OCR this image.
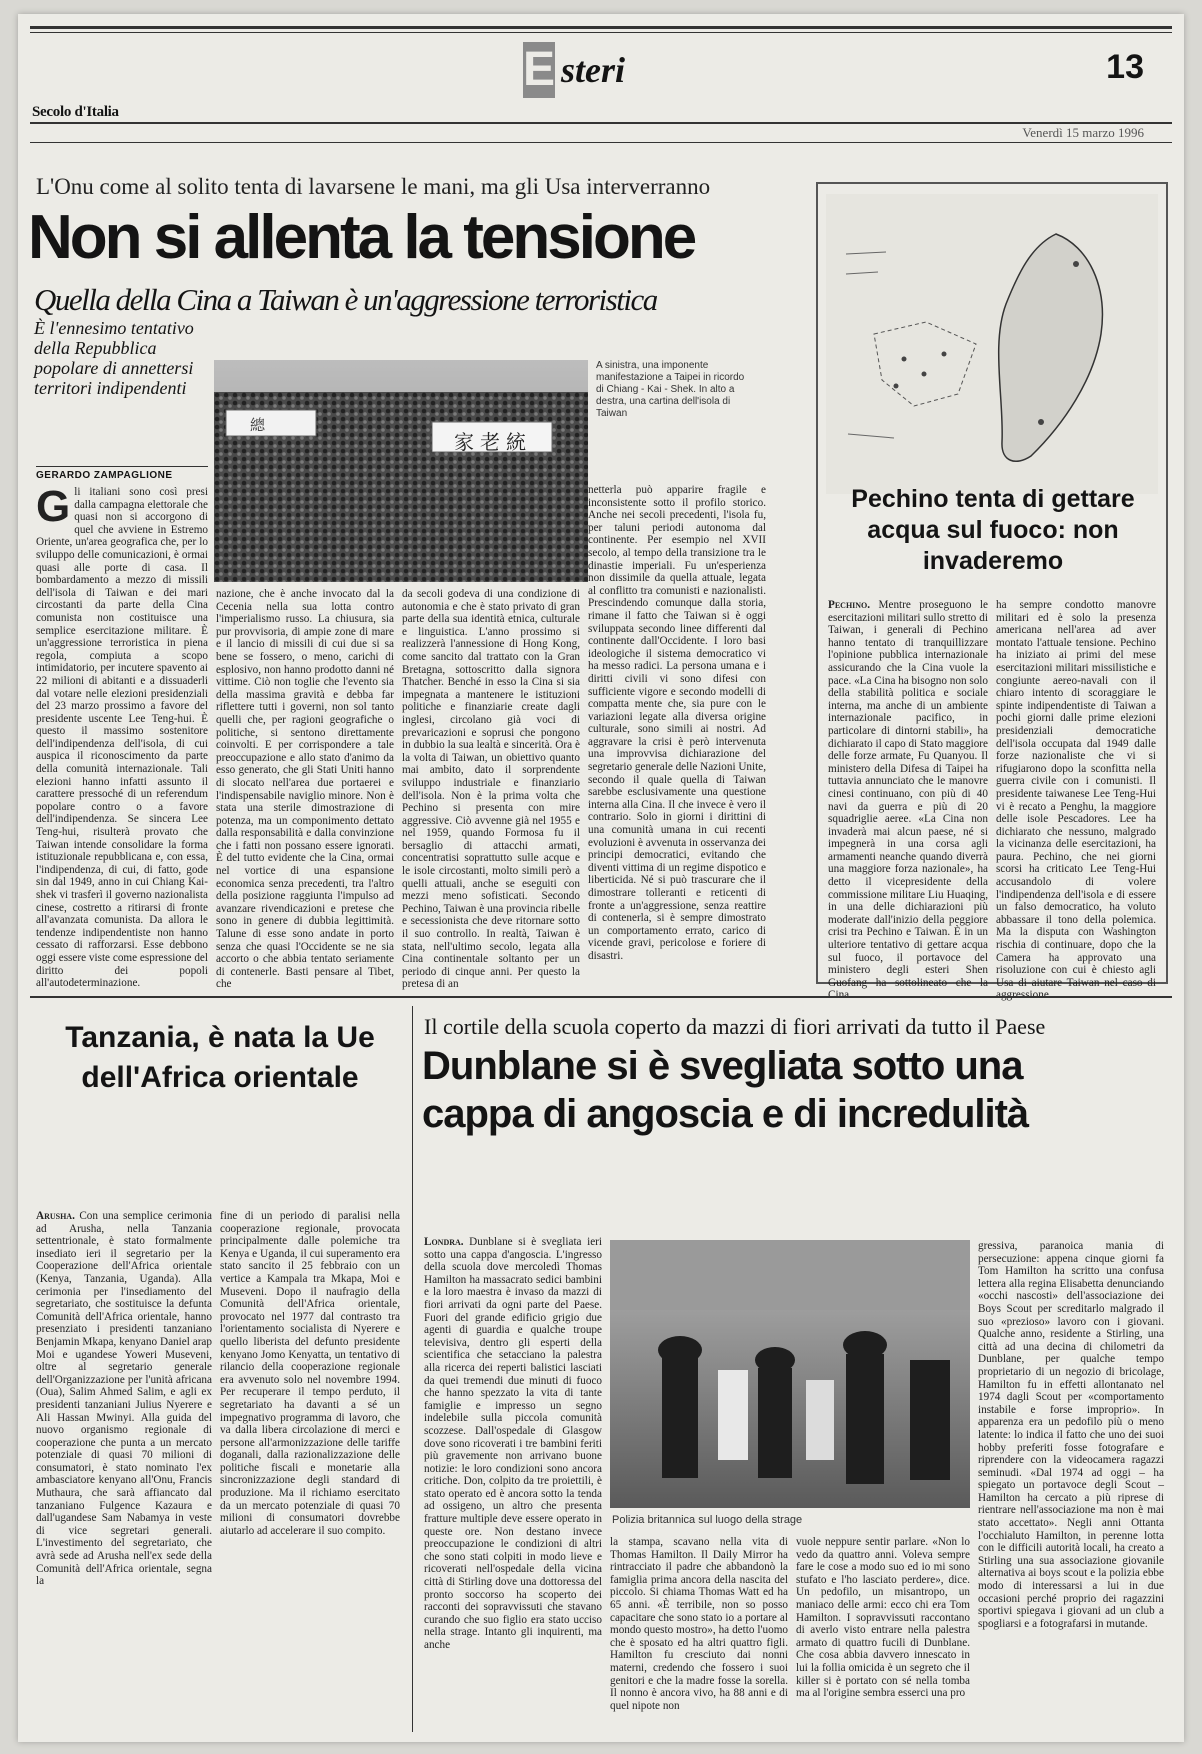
E steri	13
Secolo d'Italia
Venerdì 15 marzo 1996
L'Onu come al solito tenta di lavarsene le mani, ma gli Usa interverranno
Non si allenta la tensione
Quella della Cina a Taiwan è un'aggressione terroristica
È l'ennesimo tentativo della Repubblica popolare di annettersi territori indipendenti
總
家老統
A sinistra, una imponente manifestazione a Taipei in ricordo di Chiang - Kai - Shek. In alto a destra, una cartina dell'isola di Taiwan
GERARDO ZAMPAGLIONE
G li italiani sono così presi dalla campagna elettorale che quasi non si accorgono di quel che avviene in Estremo Oriente, un'area geografica che, per lo sviluppo delle comunicazioni, è ormai quasi alle porte di casa. Il bombardamento a mezzo di missili dell'isola di Taiwan e dei mari circostanti da parte della Cina comunista non costituisce una semplice esercitazione militare. È un'aggressione terroristica in piena regola, compiuta a scopo intimidatorio, per incutere spavento ai 22 milioni di abitanti e a dissuaderli dal votare nelle elezioni presidenziali del 23 marzo prossimo a favore del presidente uscente Lee Teng-hui. È questo il massimo sostenitore dell'indipendenza dell'isola, di cui auspica il riconoscimento da parte della comunità internazionale. Tali elezioni hanno infatti assunto il carattere pressoché di un referendum popolare contro o a favore dell'indipendenza. Se sincera Lee Teng-hui, risulterà provato che Taiwan intende consolidare la forma istituzionale repubblicana e, con essa, l'indipendenza, di cui, di fatto, gode sin dal 1949, anno in cui Chiang Kai-shek vi trasferì il governo nazionalista cinese, costretto a ritirarsi di fronte all'avanzata comunista. Da allora le tendenze indipendentiste non hanno cessato di rafforzarsi. Esse debbono oggi essere viste come espressione del diritto dei popoli all'autodeterminazione.
nazione, che è anche invocato dal la Cecenia nella sua lotta contro l'imperialismo russo. La chiusura, sia pur provvisoria, di ampie zone di mare e il lancio di missili di cui due si sa bene se fossero, o meno, carichi di esplosivo, non hanno prodotto danni né vittime. Ciò non toglie che l'evento sia della massima gravità e debba far riflettere tutti i governi, non sol tanto quelli che, per ragioni geografiche o politiche, si sentono direttamente coinvolti. E per corrispondere a tale preoccupazione e allo stato d'animo da esso generato, che gli Stati Uniti hanno di slocato nell'area due portaerei e l'indispensabile naviglio minore. Non è stata una sterile dimostrazione di potenza, ma un componimento dettato dalla responsabilità e dalla convinzione che i fatti non possano essere ignorati. È del tutto evidente che la Cina, ormai nel vortice di una espansione economica senza precedenti, tra l'altro della posizione raggiunta l'impulso ad avanzare rivendicazioni e pretese che sono in genere di dubbia legittimità. Talune di esse sono andate in porto senza che quasi l'Occidente se ne sia accorto o che abbia tentato seriamente di contenerle. Basti pensare al Tibet, che
da secoli godeva di una condizione di autonomia e che è stato privato di gran parte della sua identità etnica, culturale e linguistica. L'anno prossimo si realizzerà l'annessione di Hong Kong, come sancito dal trattato con la Gran Bretagna, sottoscritto dalla signora Thatcher. Benché in esso la Cina si sia impegnata a mantenere le istituzioni politiche e finanziarie create dagli inglesi, circolano già voci di prevaricazioni e soprusi che pongono in dubbio la sua lealtà e sincerità. Ora è la volta di Taiwan, un obiettivo quanto mai ambito, dato il sorprendente sviluppo industriale e finanziario dell'isola. Non è la prima volta che Pechino si presenta con mire aggressive. Ciò avvenne già nel 1955 e nel 1959, quando Formosa fu il bersaglio di attacchi armati, concentratisi soprattutto sulle acque e le isole circostanti, molto simili però a quelli attuali, anche se eseguiti con mezzi meno sofisticati. Secondo Pechino, Taiwan è una provincia ribelle e secessionista che deve ritornare sotto il suo controllo. In realtà, Taiwan è stata, nell'ultimo secolo, legata alla Cina continentale soltanto per un periodo di cinque anni. Per questo la pretesa di an
netterla può apparire fragile e inconsistente sotto il profilo storico. Anche nei secoli precedenti, l'isola fu, per taluni periodi autonoma dal continente. Per esempio nel XVII secolo, al tempo della transizione tra le dinastie imperiali. Fu un'esperienza non dissimile da quella attuale, legata al conflitto tra comunisti e nazionalisti. Prescindendo comunque dalla storia, rimane il fatto che Taiwan si è oggi sviluppata secondo linee differenti dal continente dall'Occidente. I loro basi ideologiche il sistema democratico vi ha messo radici. La persona umana e i diritti civili vi sono difesi con sufficiente vigore e secondo modelli di compatta mente che, sia pure con le variazioni legate alla diversa origine culturale, sono simili ai nostri. Ad aggravare la crisi è però intervenuta una improvvisa dichiarazione del segretario generale delle Nazioni Unite, secondo il quale quella di Taiwan sarebbe esclusivamente una questione interna alla Cina. Il che invece è vero il contrario. Solo in giorni i dirittini di una comunità umana in cui recenti evoluzioni è avvenuta in osservanza dei principi democratici, evitando che diventi vittima di un regime dispotico e liberticida. Né si può trascurare che il dimostrare tolleranti e reticenti di fronte a un'aggressione, senza reattire di contenerla, si è sempre dimostrato un comportamento errato, carico di vicende gravi, pericolose e foriere di disastri.
Pechino tenta di gettare acqua sul fuoco: non invaderemo
Pechino. Mentre proseguono le esercitazioni militari sullo stretto di Taiwan, i generali di Pechino hanno tentato di tranquillizzare l'opinione pubblica internazionale assicurando che la Cina vuole la pace. «La Cina ha bisogno non solo della stabilità politica e sociale interna, ma anche di un ambiente internazionale pacifico, in particolare di dintorni stabili», ha dichiarato il capo di Stato maggiore delle forze armate, Fu Quanyou. Il ministero della Difesa di Taipei ha tuttavia annunciato che le manovre cinesi continuano, con più di 40 navi da guerra e più di 20 squadriglie aeree. «La Cina non invaderà mai alcun paese, né si impegnerà in una corsa agli armamenti neanche quando diverrà una maggiore forza nazionale», ha detto il vicepresidente della commissione militare Liu Huaqing, in una delle dichiarazioni più moderate dall'inizio della peggiore crisi tra Pechino e Taiwan. È in un ulteriore tentativo di gettare acqua sul fuoco, il portavoce del ministero degli esteri Shen Guofang ha sottolineato che la
ha sempre condotto manovre militari ed è solo la presenza americana nell'area ad aver montato l'attuale tensione. Pechino ha iniziato ai primi del mese esercitazioni militari missilistiche e congiunte aereo-navali con il chiaro intento di scoraggiare le spinte indipendentiste di Taiwan a pochi giorni dalle prime elezioni presidenziali democratiche dell'isola occupata dal 1949 dalle forze nazionaliste che vi si rifugiarono dopo la sconfitta nella guerra civile con i comunisti. Il presidente taiwanese Lee Teng-Hui vi è recato a Penghu, la maggiore delle isole Pescadores. Lee ha dichiarato che nessuno, malgrado la vicinanza delle esercitazioni, ha paura. Pechino, che nei giorni scorsi ha criticato Lee Teng-Hui accusandolo di volere l'indipendenza dell'isola e di essere un falso democratico, ha voluto abbassare il tono della polemica. Ma la disputa con Washington rischia di continuare, dopo che la Camera ha approvato una risoluzione con cui è chiesto agli Usa di aiutare Taiwan nel caso di
Tanzania, è nata la Ue dell'Africa orientale
Arusha. Con una semplice cerimonia ad Arusha, nella Tanzania settentrionale, è stato formalmente insediato ieri il segretario per la Cooperazione dell'Africa orientale (Kenya, Tanzania, Uganda). Alla cerimonia per l'insediamento del segretariato, che sostituisce la defunta Comunità dell'Africa orientale, hanno presenziato i presidenti tanzaniano Benjamin Mkapa, kenyano Daniel arap Moi e ugandese Yoweri Museveni, oltre al segretario generale dell'Organizzazione per l'unità africana (Oua), Salim Ahmed Salim, e agli ex presidenti tanzaniani Julius Nyerere e Ali Hassan Mwinyi. Alla guida del nuovo organismo regionale di cooperazione che punta a un mercato potenziale di quasi 70 milioni di consumatori, è stato nominato l'ex ambasciatore kenyano all'Onu, Francis Muthaura, che sarà affiancato dal tanzaniano Fulgence Kazaura e dall'ugandese Sam Nabamya in veste di vice segretari generali. L'investimento del segretariato, che avrà sede ad Arusha nell'ex sede della Comunità dell'Africa orientale, segna la
fine di un periodo di paralisi nella cooperazione regionale, provocata principalmente dalle polemiche tra Kenya e Uganda, il cui superamento era stato sancito il 25 febbraio con un vertice a Kampala tra Mkapa, Moi e Museveni. Dopo il naufragio della Comunità dell'Africa orientale, provocato nel 1977 dal contrasto tra l'orientamento socialista di Nyerere e quello liberista del defunto presidente kenyano Jomo Kenyatta, un tentativo di rilancio della cooperazione regionale era avvenuto solo nel novembre 1994. Per recuperare il tempo perduto, il segretariato ha davanti a sé un impegnativo programma di lavoro, che va dalla libera circolazione di merci e persone all'armonizzazione delle tariffe doganali, dalla razionalizzazione delle politiche fiscali e monetarie alla sincronizzazione degli standard di produzione. Ma il richiamo esercitato da un mercato potenziale di quasi 70 milioni di consumatori dovrebbe aiutarlo ad accelerare il suo compito.
Il cortile della scuola coperto da mazzi di fiori arrivati da tutto il Paese
Dunblane si è svegliata sotto una cappa di angoscia e di incredulità
Londra. Dunblane si è svegliata ieri sotto una cappa d'angoscia. L'ingresso della scuola dove mercoledì Thomas Hamilton ha massacrato sedici bambini e la loro maestra è invaso da mazzi di fiori arrivati da ogni parte del Paese. Fuori del grande edificio grigio due agenti di guardia e qualche troupe televisiva, dentro gli esperti della scientifica che setacciano la palestra alla ricerca dei reperti balistici lasciati da quei tremendi due minuti di fuoco che hanno spezzato la vita di tante famiglie e impresso un segno indelebile sulla piccola comunità scozzese. Dall'ospedale di Glasgow dove sono ricoverati i tre bambini feriti più gravemente non arrivano buone notizie: le loro condizioni sono ancora critiche. Don, colpito da tre proiettili, è stato operato ed è ancora sotto la tenda ad ossigeno, un altro che presenta fratture multiple deve essere operato in queste ore. Non destano invece preoccupazione le condizioni di altri che sono stati colpiti in modo lieve e ricoverati nell'ospedale della vicina città di Stirling dove una dottoressa del pronto soccorso ha scoperto dei racconti dei sopravvissuti che stavano curando che suo figlio era stato ucciso nella strage. Intanto gli inquirenti, ma anche
Polizia britannica sul luogo della strage
la stampa, scavano nella vita di Thomas Hamilton. Il Daily Mirror ha rintracciato il padre che abbandonò la famiglia prima ancora della nascita del piccolo. Si chiama Thomas Watt ed ha 65 anni. «È terribile, non so posso capacitare che sono stato io a portare al mondo questo mostro», ha detto l'uomo che è sposato ed ha altri quattro figli. Hamilton fu cresciuto dai nonni materni, credendo che fossero i suoi genitori e che la madre fosse la sorella. Il nonno è ancora vivo, ha 88 anni e di quel nipote non
vuole neppure sentir parlare. «Non lo vedo da quattro anni. Voleva sempre fare le cose a modo suo ed io mi sono stufato e l'ho lasciato perdere», dice. Un pedofilo, un misantropo, un maniaco delle armi: ecco chi era Tom Hamilton. I sopravvissuti raccontano di averlo visto entrare nella palestra armato di quattro fucili di Dunblane. Che cosa abbia davvero innescato in lui la follia omicida è un segreto che il killer si è portato con sé nella tomba ma al l'origine sembra esserci una pro
gressiva, paranoica mania di persecuzione: appena cinque giorni fa Tom Hamilton ha scritto una confusa lettera alla regina Elisabetta denunciando «occhi nascosti» dell'associazione dei Boys Scout per screditarlo malgrado il suo «prezioso» lavoro con i giovani. Qualche anno, residente a Stirling, una città ad una decina di chilometri da Dunblane, per qualche tempo proprietario di un negozio di bricolage, Hamilton fu in effetti allontanato nel 1974 dagli Scout per «comportamento instabile e forse improprio». In apparenza era un pedofilo più o meno latente: lo indica il fatto che uno dei suoi hobby preferiti fosse fotografare e riprendere con la videocamera ragazzi seminudi. «Dal 1974 ad oggi – ha spiegato un portavoce degli Scout – Hamilton ha cercato a più riprese di rientrare nell'associazione ma non è mai stato accettato». Negli anni Ottanta l'occhialuto Hamilton, in perenne lotta con le difficili autorità locali, ha creato a Stirling una sua associazione giovanile alternativa ai boys scout e la polizia ebbe modo di interessarsi a lui in due occasioni perché proprio dei ragazzini sportivi spiegava i giovani ad un club a spogliarsi e a fotografarsi in mutande.
